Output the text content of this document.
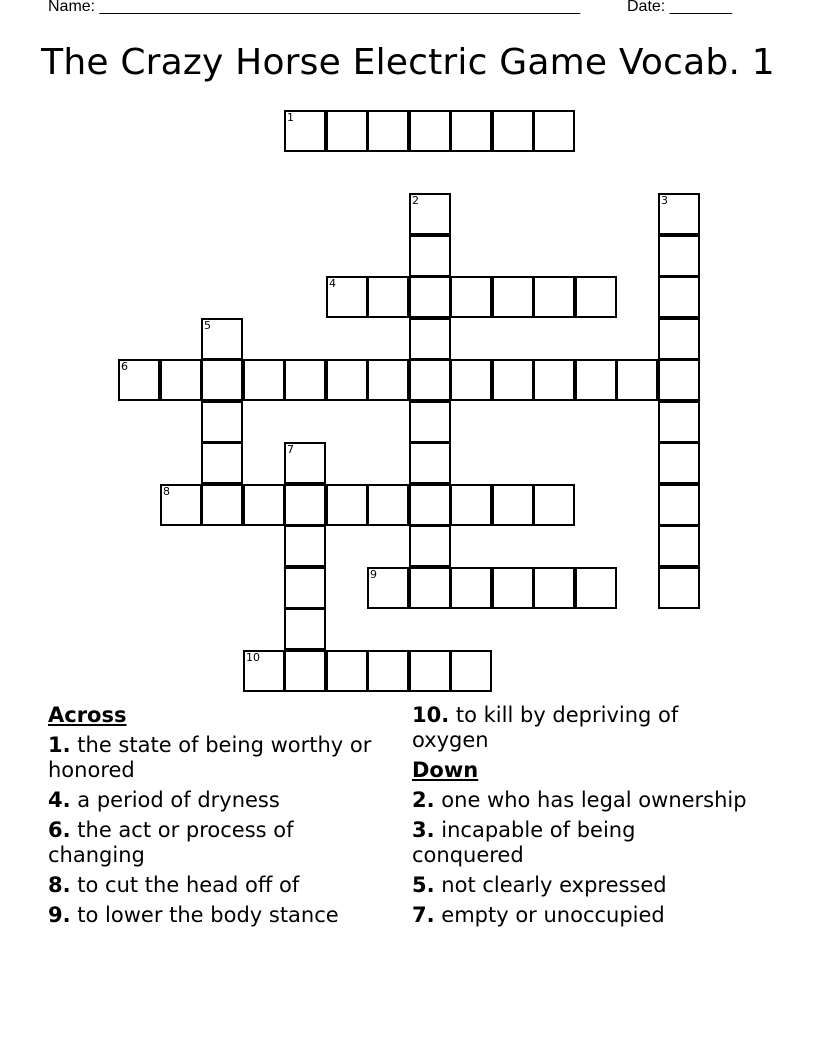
Name: ______________________________________________________	Date: _______
The Crazy Horse Electric Game Vocab. 1
1
2	3
4
5
6
7
8
9
10
Across
1. the state of being worthy or honored
4. a period of dryness
6. the act or process of changing
8. to cut the head off of
9. to lower the body stance
10. to kill by depriving of oxygen
Down
2. one who has legal ownership
3. incapable of being conquered
5. not clearly expressed
7. empty or unoccupied
